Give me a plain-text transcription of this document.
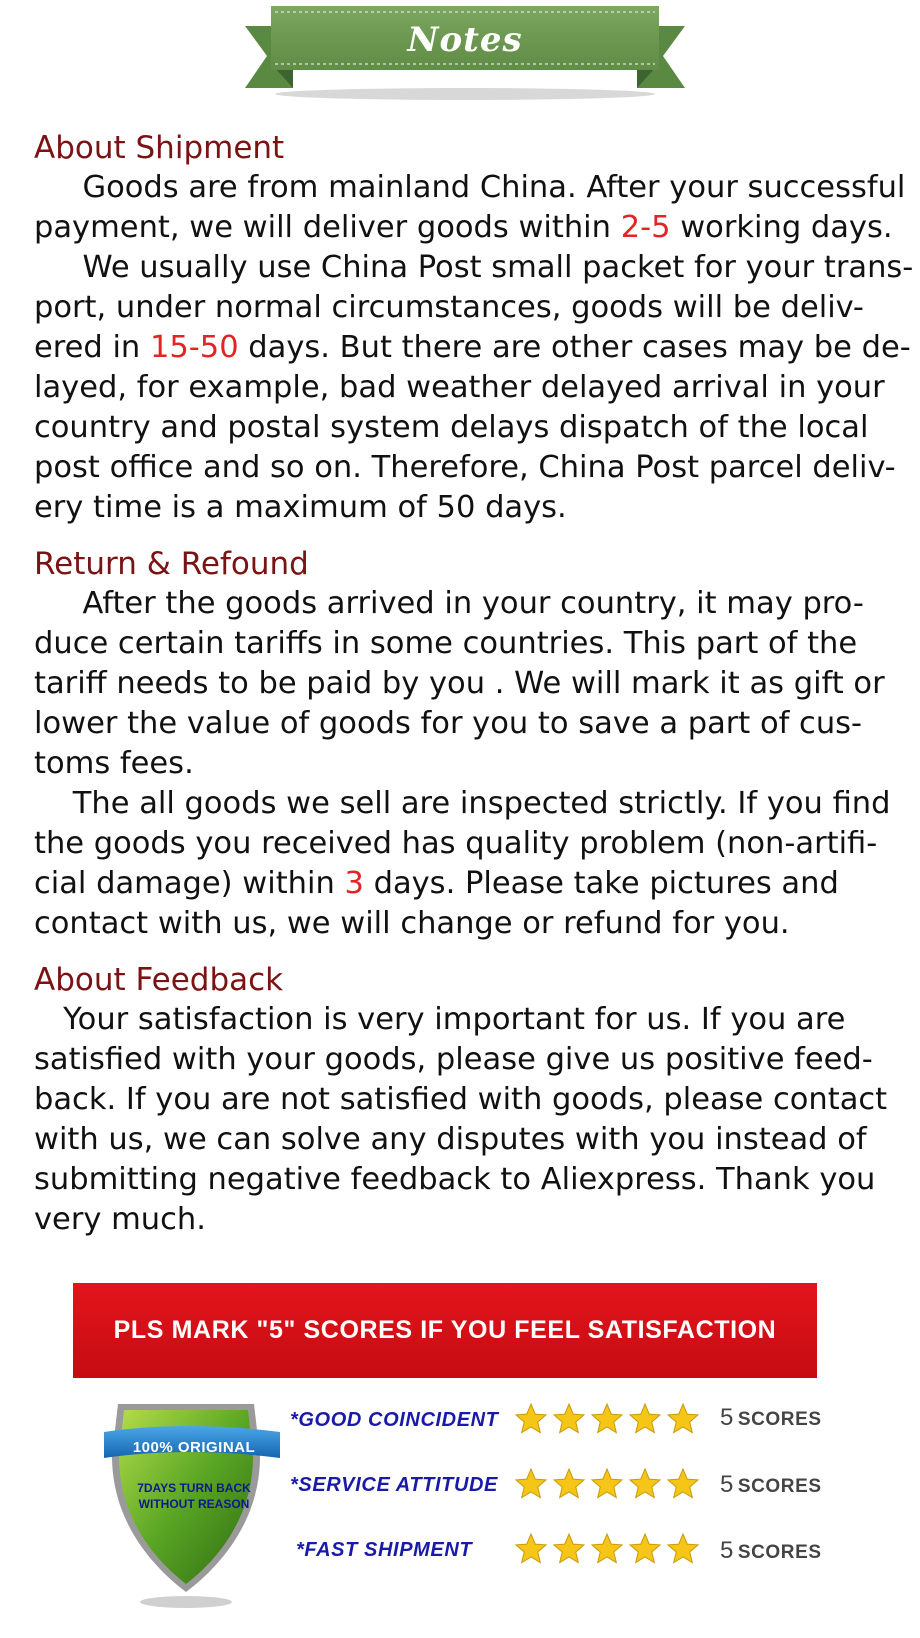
Notes
About Shipment
Goods are from mainland China. After your successful
payment, we will deliver goods within 2-5 working days.
We usually use China Post small packet for your trans-
port, under normal circumstances, goods will be deliv-
ered in 15-50 days. But there are other cases may be de-
layed, for example, bad weather delayed arrival in your
country and postal system delays dispatch of the local
post office and so on. Therefore, China Post parcel deliv-
ery time is a maximum of 50 days.
Return & Refound
After the goods arrived in your country, it may pro-
duce certain tariffs in some countries. This part of the
tariff needs to be paid by you . We will mark it as gift or
lower the value of goods for you to save a part of cus-
toms fees.
The all goods we sell are inspected strictly. If you find
the goods you received has quality problem (non-artifi-
cial damage) within 3 days. Please take pictures and
contact with us, we will change or refund for you.
About Feedback
Your satisfaction is very important for us. If you are
satisfied with your goods, please give us positive feed-
back. If you are not satisfied with goods, please contact
with us, we can solve any disputes with you instead of
submitting negative feedback to Aliexpress. Thank you
very much.
PLS MARK "5" SCORES IF YOU FEEL SATISFACTION
100% ORIGINAL
7DAYS TURN BACK
WITHOUT REASON
*GOOD COINCIDENT	5 SCORES
*SERVICE ATTITUDE	5 SCORES
*FAST SHIPMENT	5 SCORES
